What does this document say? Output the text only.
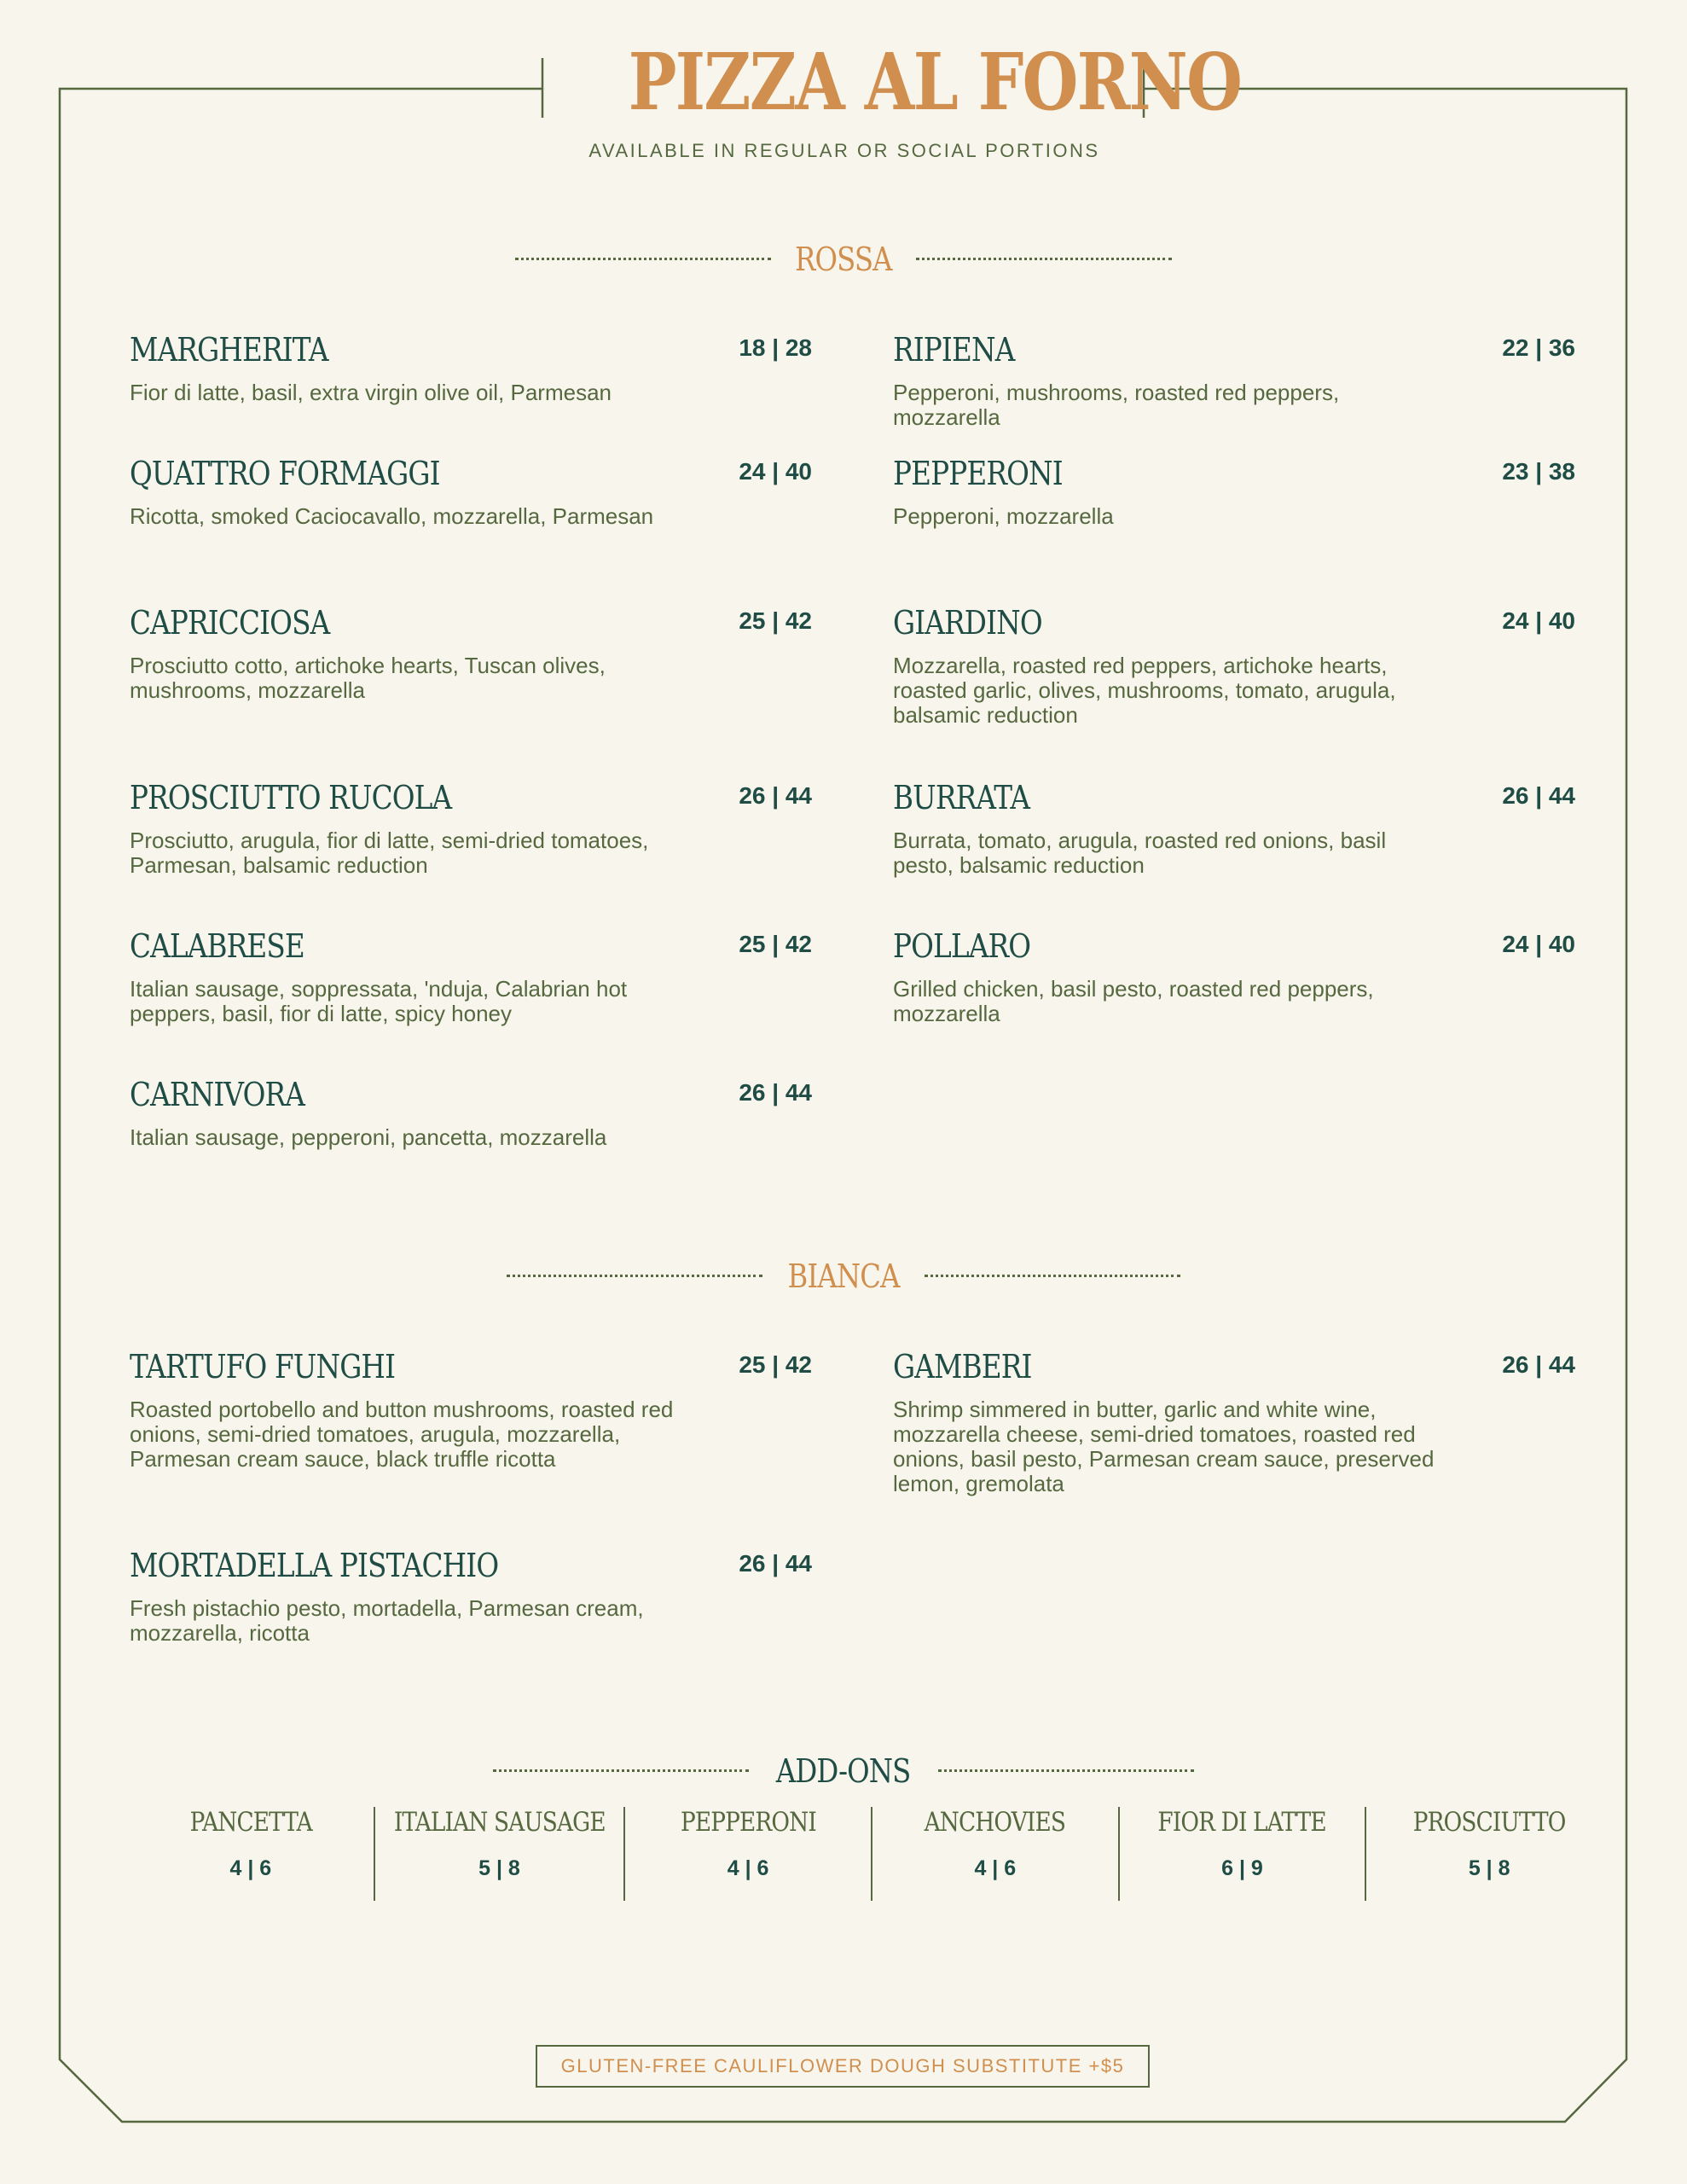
PIZZA AL FORNO
AVAILABLE IN REGULAR OR SOCIAL PORTIONS
ROSSA
MARGHERITA	18 | 28
Fior di latte, basil, extra virgin olive oil, Parmesan
RIPIENA	22 | 36
Pepperoni, mushrooms, roasted red peppers, mozzarella
QUATTRO FORMAGGI	24 | 40
Ricotta, smoked Caciocavallo, mozzarella, Parmesan
PEPPERONI	23 | 38
Pepperoni, mozzarella
CAPRICCIOSA	25 | 42
Prosciutto cotto, artichoke hearts, Tuscan olives, mushrooms, mozzarella
GIARDINO	24 | 40
Mozzarella, roasted red peppers, artichoke hearts, roasted garlic, olives, mushrooms, tomato, arugula, balsamic reduction
PROSCIUTTO RUCOLA	26 | 44
Prosciutto, arugula, fior di latte, semi-dried tomatoes, Parmesan, balsamic reduction
BURRATA	26 | 44
Burrata, tomato, arugula, roasted red onions, basil pesto, balsamic reduction
CALABRESE	25 | 42
Italian sausage, soppressata, 'nduja, Calabrian hot peppers, basil, fior di latte, spicy honey
POLLARO	24 | 40
Grilled chicken, basil pesto, roasted red peppers, mozzarella
CARNIVORA	26 | 44
Italian sausage, pepperoni, pancetta, mozzarella
BIANCA
TARTUFO FUNGHI	25 | 42
Roasted portobello and button mushrooms, roasted red onions, semi-dried tomatoes, arugula, mozzarella, Parmesan cream sauce, black truffle ricotta
GAMBERI	26 | 44
Shrimp simmered in butter, garlic and white wine, mozzarella cheese, semi-dried tomatoes, roasted red onions, basil pesto, Parmesan cream sauce, preserved lemon, gremolata
MORTADELLA PISTACHIO	26 | 44
Fresh pistachio pesto, mortadella, Parmesan cream, mozzarella, ricotta
ADD-ONS
PANCETTA
4 | 6
ITALIAN SAUSAGE
5 | 8
PEPPERONI
4 | 6
ANCHOVIES
4 | 6
FIOR DI LATTE
6 | 9
PROSCIUTTO
5 | 8
GLUTEN-FREE CAULIFLOWER DOUGH SUBSTITUTE +$5
